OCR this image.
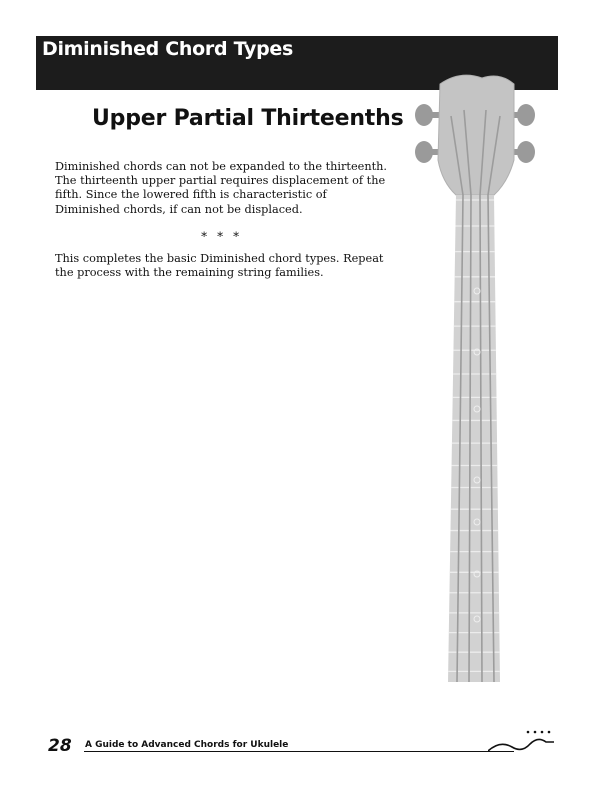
Diminished Chord Types
Upper Partial Thirteenths

Diminished chords can not be expanded to the thirteenth. The thirteenth upper partial requires displacement of the fifth. Since the lowered fifth is characteristic of Diminished chords, if can not be displaced.

∗ ∗ ∗

This completes the basic Diminished chord types. Repeat the process with the remaining string families.

28 A Guide to Advanced Chords for Ukulele
